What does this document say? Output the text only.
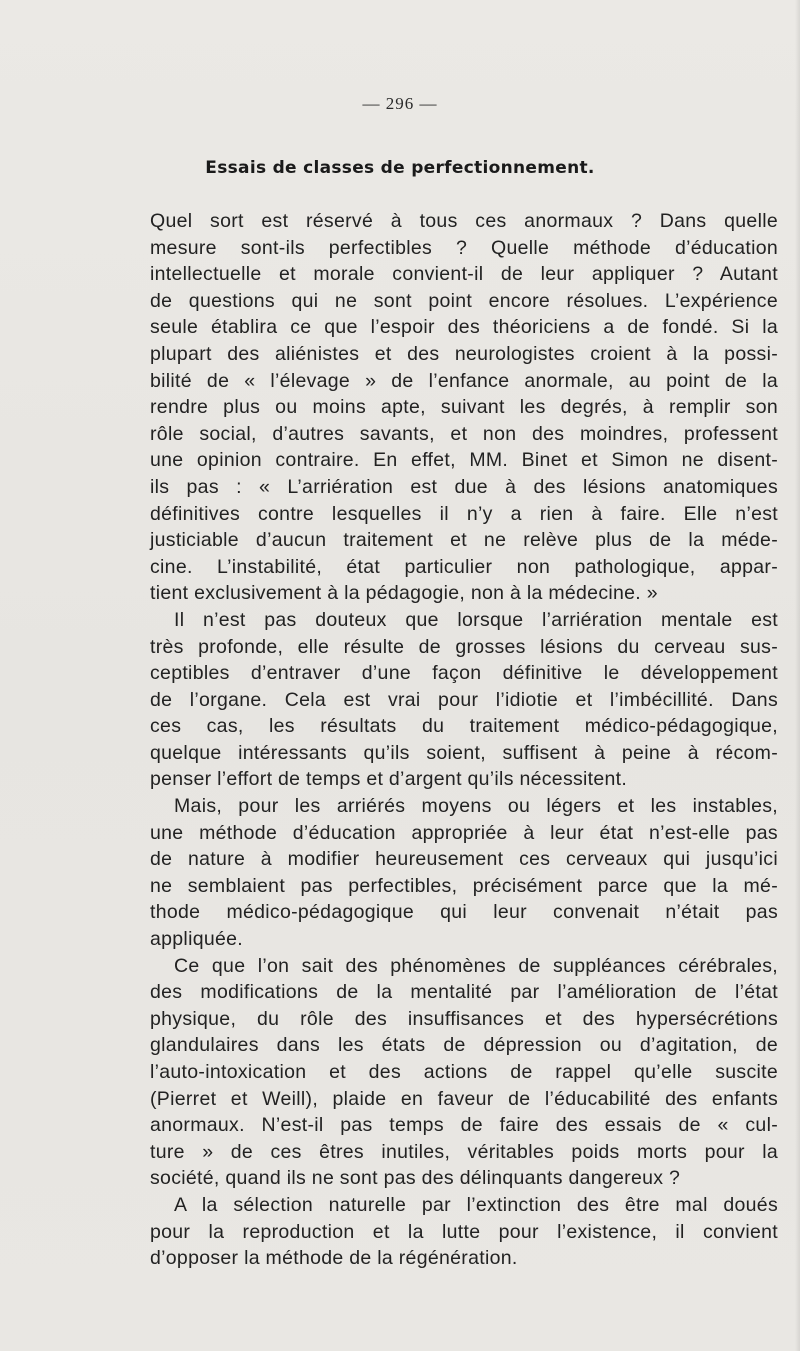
— 296 —
Essais de classes de perfectionnement.
Quel sort est réservé à tous ces anormaux ? Dans quelle
mesure sont-ils perfectibles ? Quelle méthode d’éducation
intellectuelle et morale convient-il de leur appliquer ? Autant
de questions qui ne sont point encore résolues. L’expérience
seule établira ce que l’espoir des théoriciens a de fondé. Si la
plupart des aliénistes et des neurologistes croient à la possi-
bilité de « l’élevage » de l’enfance anormale, au point de la
rendre plus ou moins apte, suivant les degrés, à remplir son
rôle social, d’autres savants, et non des moindres, professent
une opinion contraire. En effet, MM. Binet et Simon ne disent-
ils pas : « L’arriération est due à des lésions anatomiques
définitives contre lesquelles il n’y a rien à faire. Elle n’est
justiciable d’aucun traitement et ne relève plus de la méde-
cine. L’instabilité, état particulier non pathologique, appar-
tient exclusivement à la pédagogie, non à la médecine. »
Il n’est pas douteux que lorsque l’arriération mentale est
très profonde, elle résulte de grosses lésions du cerveau sus-
ceptibles d’entraver d’une façon définitive le développement
de l’organe. Cela est vrai pour l’idiotie et l’imbécillité. Dans
ces cas, les résultats du traitement médico-pédagogique,
quelque intéressants qu’ils soient, suffisent à peine à récom-
penser l’effort de temps et d’argent qu’ils nécessitent.
Mais, pour les arriérés moyens ou légers et les instables,
une méthode d’éducation appropriée à leur état n’est-elle pas
de nature à modifier heureusement ces cerveaux qui jusqu’ici
ne semblaient pas perfectibles, précisément parce que la mé-
thode médico-pédagogique qui leur convenait n’était pas
appliquée.
Ce que l’on sait des phénomènes de suppléances cérébrales,
des modifications de la mentalité par l’amélioration de l’état
physique, du rôle des insuffisances et des hypersécrétions
glandulaires dans les états de dépression ou d’agitation, de
l’auto-intoxication et des actions de rappel qu’elle suscite
(Pierret et Weill), plaide en faveur de l’éducabilité des enfants
anormaux. N’est-il pas temps de faire des essais de « cul-
ture » de ces êtres inutiles, véritables poids morts pour la
société, quand ils ne sont pas des délinquants dangereux ?
A la sélection naturelle par l’extinction des être mal doués
pour la reproduction et la lutte pour l’existence, il convient
d’opposer la méthode de la régénération.
